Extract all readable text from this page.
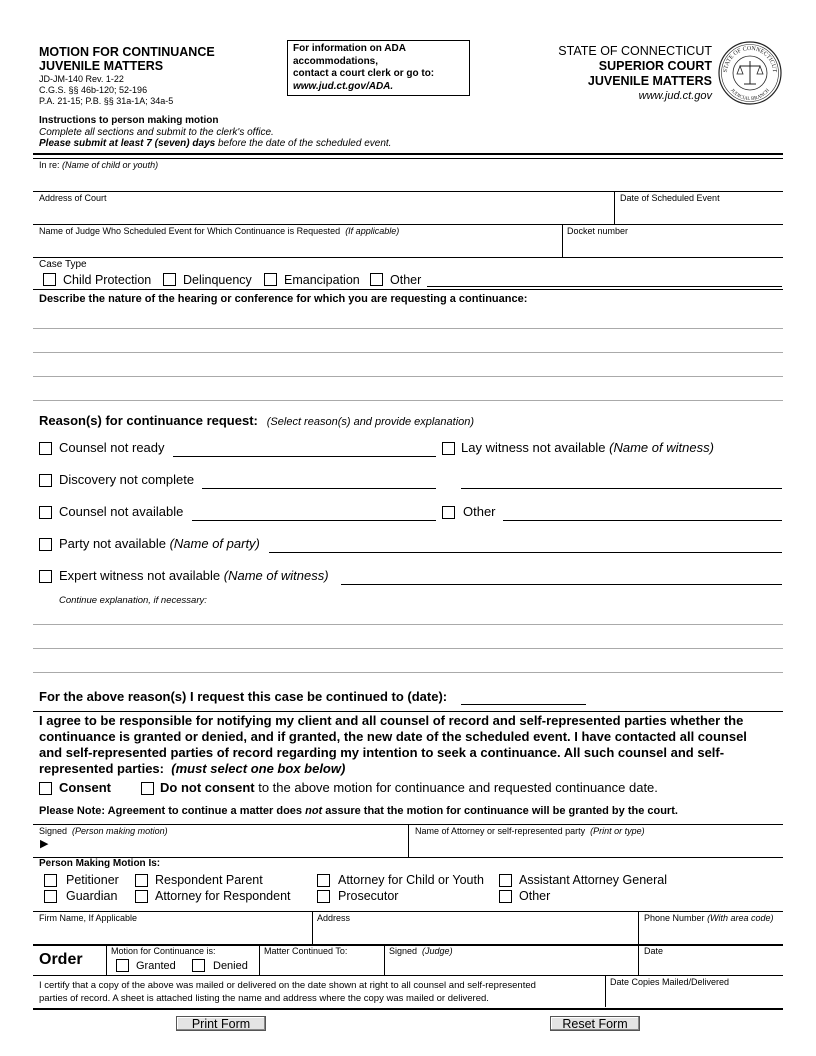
MOTION FOR CONTINUANCE
JUVENILE MATTERS
JD-JM-140 Rev. 1-22
C.G.S. §§ 46b-120; 52-196
P.A. 21-15; P.B. §§ 31a-1A; 34a-5
For information on ADA
accommodations,
contact a court clerk or go to:
www.jud.ct.gov/ADA.
STATE OF CONNECTICUT
SUPERIOR COURT
JUVENILE MATTERS
www.jud.ct.gov
STATE OF CONNECTICUT
JUDICIAL BRANCH
Instructions to person making motion
Complete all sections and submit to the clerk's office.
Please submit at least 7 (seven) days before the date of the scheduled event.
In re: (Name of child or youth)
Address of Court	Date of Scheduled Event
Name of Judge Who Scheduled Event for Which Continuance is Requested (If applicable)	Docket number
Case Type
Child Protection	Delinquency	Emancipation Other
Describe the nature of the hearing or conference for which you are requesting a continuance:
Reason(s) for continuance request: (Select reason(s) and provide explanation)
Counsel not ready	Lay witness not available (Name of witness)
Discovery not complete
Counsel not available	Other
Party not available (Name of party)
Expert witness not available (Name of witness)
Continue explanation, if necessary:
For the above reason(s) I request this case be continued to (date):
I agree to be responsible for notifying my client and all counsel of record and self-represented parties whether the
continuance is granted or denied, and if granted, the new date of the scheduled event. I have contacted all counsel
and self-represented parties of record regarding my intention to seek a continuance. All such counsel and self-
represented parties: (must select one box below)
Consent	Do not consent to the above motion for continuance and requested continuance date.
Please Note: Agreement to continue a matter does not assure that the motion for continuance will be granted by the court.
Signed (Person making motion)
▶
Name of Attorney or self-represented party (Print or type)
Person Making Motion Is:
Petitioner
Guardian
Respondent Parent
Attorney for Respondent
Attorney for Child or Youth
Prosecutor
Assistant Attorney General
Other
Firm Name, If Applicable	Address	Phone Number (With area code)
Order	Motion for Continuance is:
Granted	Denied
Matter Continued To:	Signed (Judge)	Date
I certify that a copy of the above was mailed or delivered on the date shown at right to all counsel and self-represented
parties of record. A sheet is attached listing the name and address where the copy was mailed or delivered.
Date Copies Mailed/Delivered
Print Form	Reset Form
